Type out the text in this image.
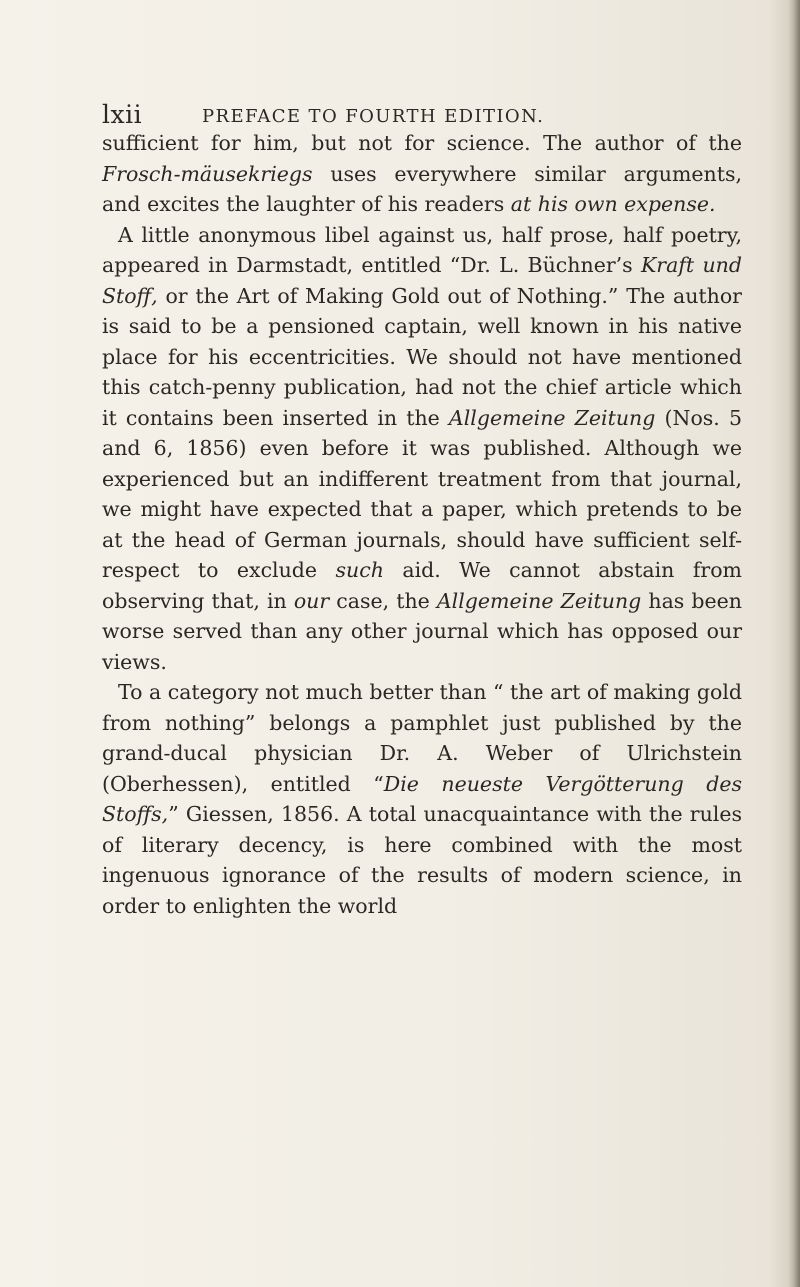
lxii	PREFACE TO FOURTH EDITION.

sufficient for him, but not for science. The author of the Frosch-mäusekriegs uses everywhere similar arguments, and excites the laughter of his readers at his own expense.

A little anonymous libel against us, half prose, half poetry, appeared in Darmstadt, entitled “Dr. L. Büchner’s Kraft und Stoff, or the Art of Making Gold out of Nothing.” The author is said to be a pensioned captain, well known in his native place for his eccentricities. We should not have mentioned this catch-penny publication, had not the chief article which it contains been inserted in the Allgemeine Zeitung (Nos. 5 and 6, 1856) even before it was published. Although we experienced but an indifferent treatment from that journal, we might have expected that a paper, which pretends to be at the head of German journals, should have sufficient self-respect to exclude such aid. We cannot abstain from observing that, in our case, the Allgemeine Zeitung has been worse served than any other journal which has opposed our views.

To a category not much better than “ the art of making gold from nothing” belongs a pamphlet just published by the grand-ducal physician Dr. A. Weber of Ulrichstein (Oberhessen), entitled “Die neueste Vergötterung des Stoffs,” Giessen, 1856. A total unacquaintance with the rules of literary decency, is here combined with the most ingenuous ignorance of the results of modern science, in order to enlighten the world
